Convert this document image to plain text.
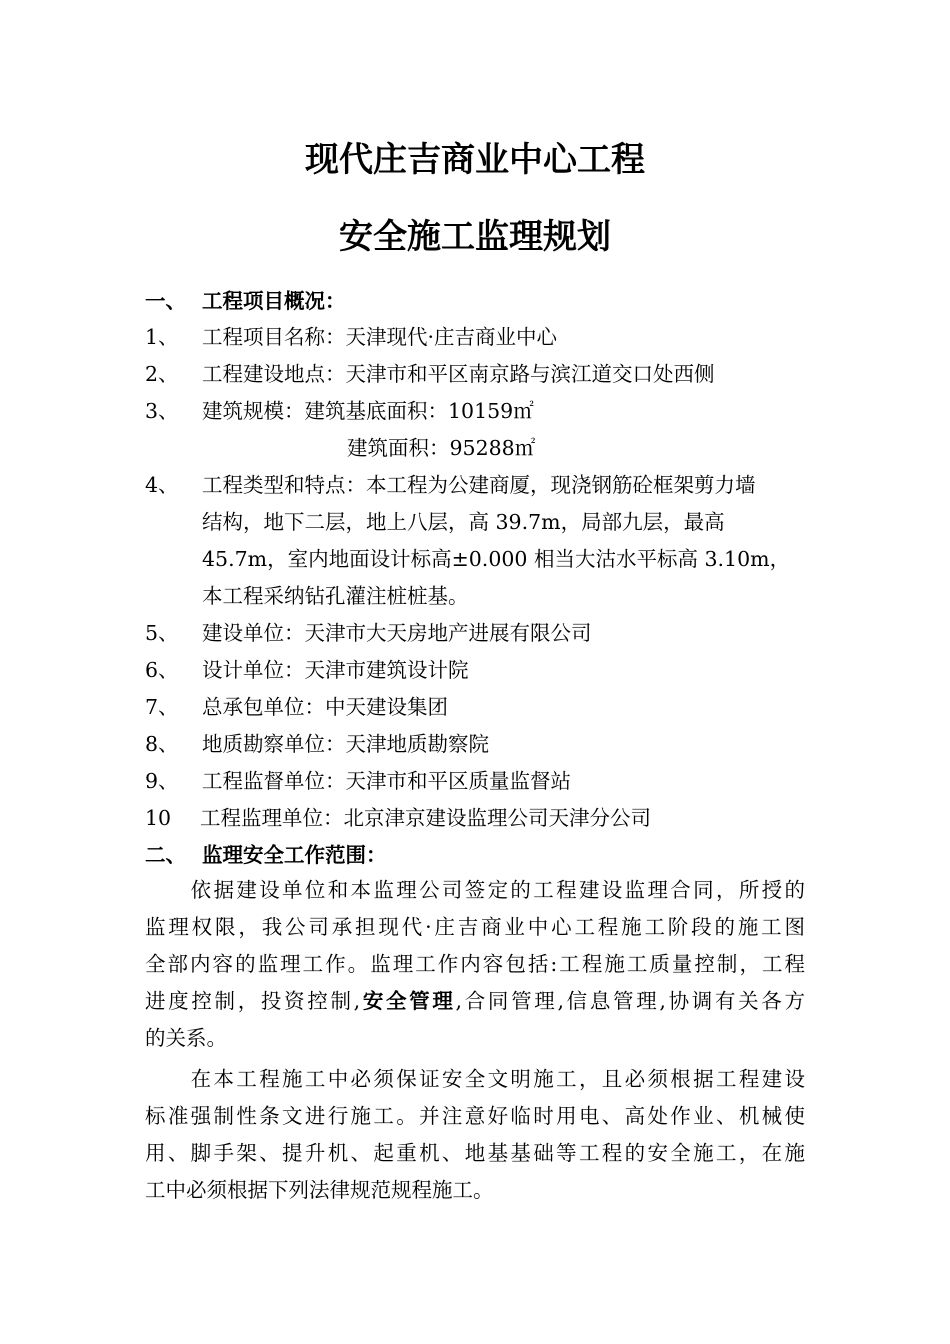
现代庄吉商业中心工程
安全施工监理规划
一、 工程项目概况：
1、 工程项目名称：天津现代·庄吉商业中心
2、 工程建设地点：天津市和平区南京路与滨江道交口处西侧
3、 建筑规模：建筑基底面积：10159㎡
建筑面积：95288㎡
4、 工程类型和特点：本工程为公建商厦，现浇钢筋砼框架剪力墙
结构，地下二层，地上八层，高 39.7m，局部九层，最高
45.7m，室内地面设计标高±0.000 相当大沽水平标高 3.10m，
本工程采纳钻孔灌注桩桩基。
5、 建设单位：天津市大天房地产进展有限公司
6、 设计单位：天津市建筑设计院
7、 总承包单位：中天建设集团
8、 地质勘察单位：天津地质勘察院
9、 工程监督单位：天津市和平区质量监督站
10 工程监理单位：北京津京建设监理公司天津分公司
二、 监理安全工作范围：
　　依据建设单位和本监理公司签定的工程建设监理合同，所授的
监理权限，我公司承担现代·庄吉商业中心工程施工阶段的施工图
全部内容的监理工作。监理工作内容包括:工程施工质量控制，工程
进度控制，投资控制,安全管理,合同管理,信息管理,协调有关各方
的关系。
　　在本工程施工中必须保证安全文明施工，且必须根据工程建设
标准强制性条文进行施工。并注意好临时用电、高处作业、机械使
用、脚手架、提升机、起重机、地基基础等工程的安全施工，在施
工中必须根据下列法律规范规程施工。
